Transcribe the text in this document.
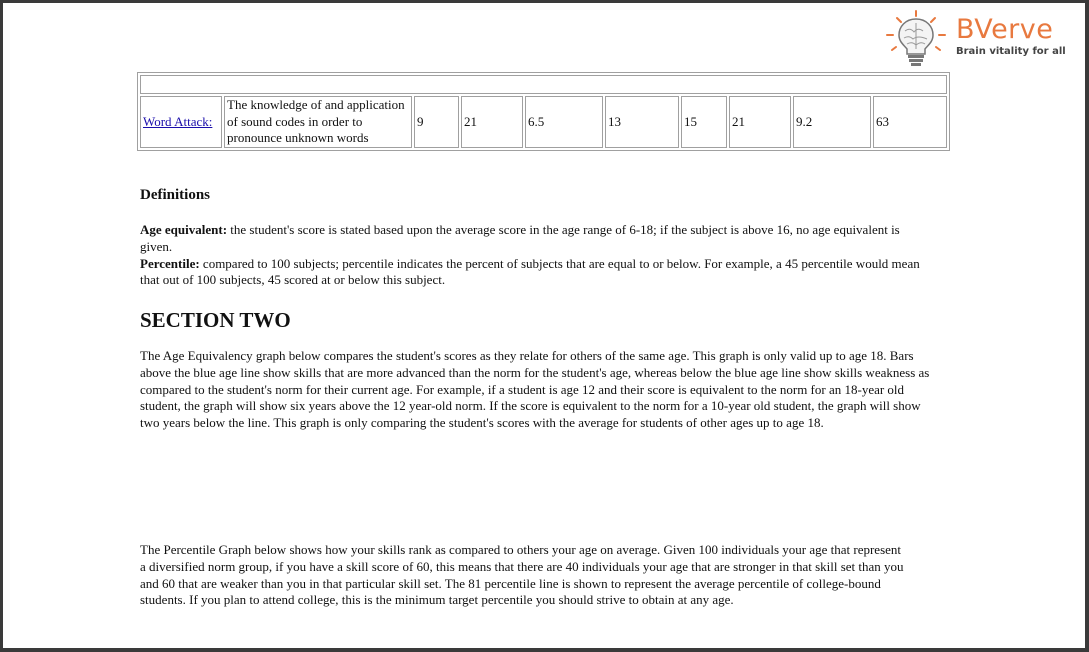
BVerve
Brain vitality for all

Word Attack:	The knowledge of and application of sound codes in order to pronounce unknown words	9	21	6.5	13	15	21	9.2	63
Definitions
Age equivalent: the student's score is stated based upon the average score in the age range of 6-18; if the subject is above 16, no age equivalent is given.
Percentile: compared to 100 subjects; percentile indicates the percent of subjects that are equal to or below. For example, a 45 percentile would mean that out of 100 subjects, 45 scored at or below this subject.
SECTION TWO
The Age Equivalency graph below compares the student's scores as they relate for others of the same age. This graph is only valid up to age 18. Bars above the blue age line show skills that are more advanced than the norm for the student's age, whereas below the blue age line show skills weakness as compared to the student's norm for their current age. For example, if a student is age 12 and their score is equivalent to the norm for an 18-year old student, the graph will show six years above the 12 year-old norm. If the score is equivalent to the norm for a 10-year old student, the graph will show two years below the line. This graph is only comparing the student's scores with the average for students of other ages up to age 18.
The Percentile Graph below shows how your skills rank as compared to others your age on average. Given 100 individuals your age that represent a diversified norm group, if you have a skill score of 60, this means that there are 40 individuals your age that are stronger in that skill set than you and 60 that are weaker than you in that particular skill set. The 81 percentile line is shown to represent the average percentile of college-bound students. If you plan to attend college, this is the minimum target percentile you should strive to obtain at any age.
